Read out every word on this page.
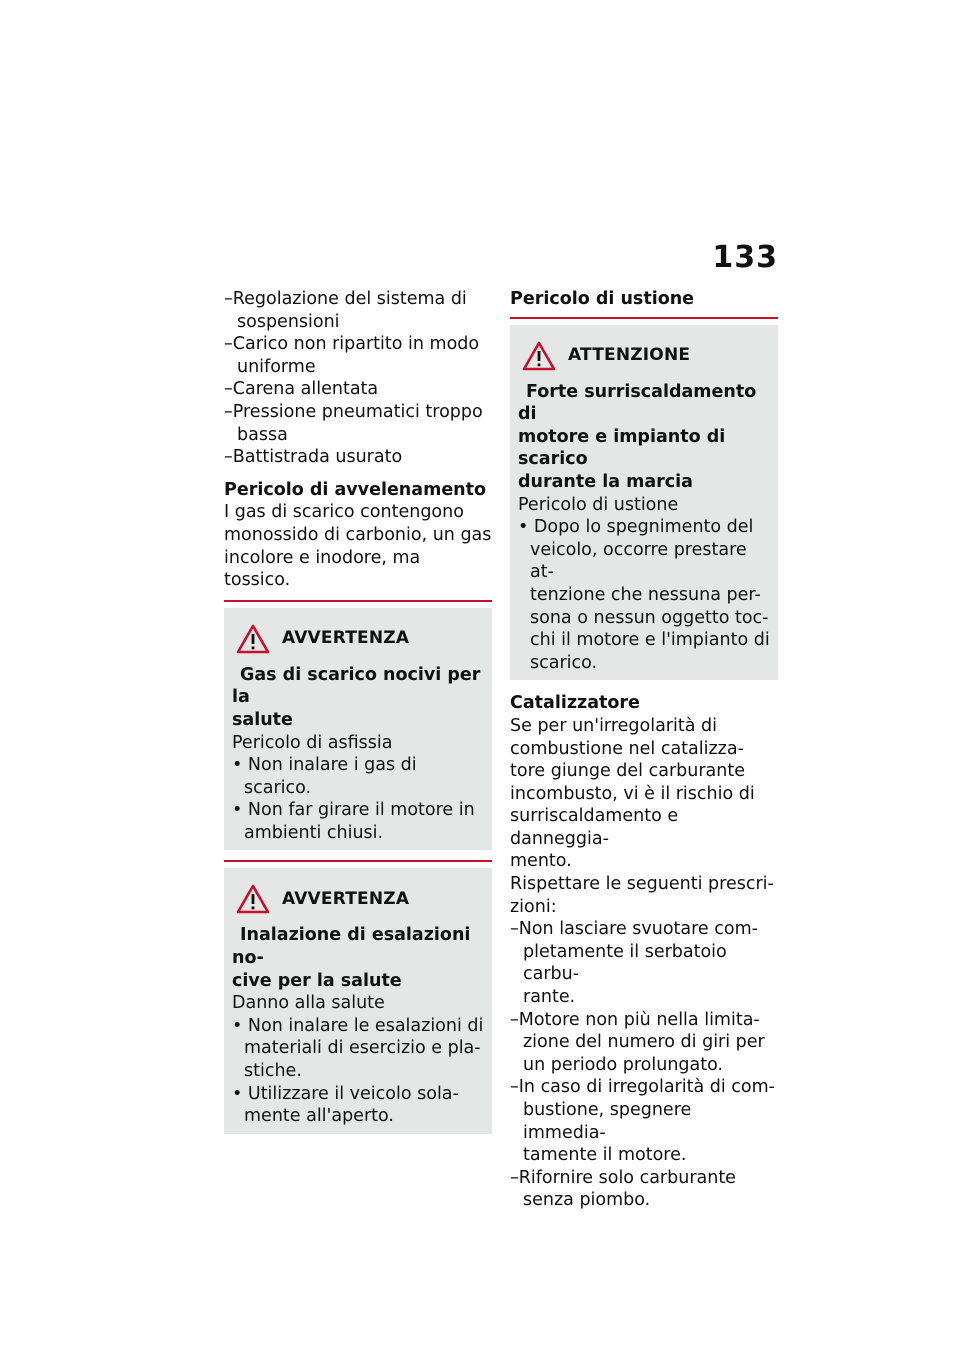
133
–Regolazione del sistema di
sospensioni
–Carico non ripartito in modo
uniforme
–Carena allentata
–Pressione pneumatici troppo
bassa
–Battistrada usurato
Pericolo di avvelenamento
I gas di scarico contengono
monossido di carbonio, un gas
incolore e inodore, ma tossico.
AVVERTENZA
Gas di scarico nocivi per la
salute
Pericolo di asfissia
• Non inalare i gas di scarico.
• Non far girare il motore in
ambienti chiusi.
AVVERTENZA
Inalazione di esalazioni no-
cive per la salute
Danno alla salute
• Non inalare le esalazioni di
materiali di esercizio e pla-
stiche.
• Utilizzare il veicolo sola-
mente all'aperto.
Pericolo di ustione
ATTENZIONE
Forte surriscaldamento di
motore e impianto di scarico
durante la marcia
Pericolo di ustione
• Dopo lo spegnimento del
veicolo, occorre prestare at-
tenzione che nessuna per-
sona o nessun oggetto toc-
chi il motore e l'impianto di
scarico.
Catalizzatore
Se per un'irregolarità di
combustione nel catalizza-
tore giunge del carburante
incombusto, vi è il rischio di
surriscaldamento e danneggia-
mento.
Rispettare le seguenti prescri-
zioni:
–Non lasciare svuotare com-
pletamente il serbatoio carbu-
rante.
–Motore non più nella limita-
zione del numero di giri per
un periodo prolungato.
–In caso di irregolarità di com-
bustione, spegnere immedia-
tamente il motore.
–Rifornire solo carburante
senza piombo.
